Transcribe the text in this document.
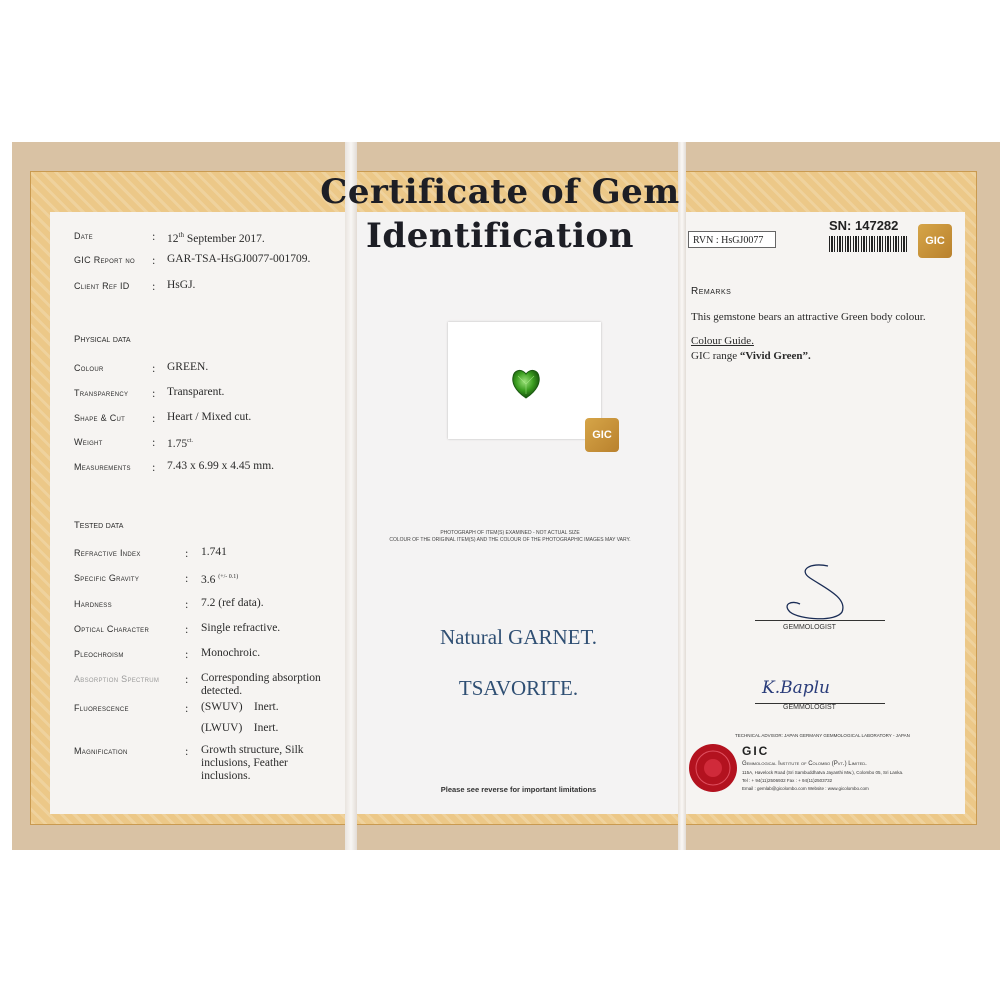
Certificate of Gem Identification
Date	: 12th September 2017.
GIC Report no : GAR-TSA-HsGJ0077-001709.
Client Ref ID : HsGJ.
Physical data
Colour	: GREEN.
Transparency : Transparent.
Shape & Cut : Heart / Mixed cut.
Weight	: $1.75^{ct.}$
Measurements : 7.43 x 6.99 x 4.45 mm.
Tested data
Refractive Index	: 1.741
Specific Gravity	: 3.6 $^{(+/- 0.1)}$
Hardness	: 7.2 (ref data).
Optical Character	: Single refractive.
Pleochroism	: Monochroic.
Absorption Spectrum : Corresponding absorption detected.
Fluorescence	: (SWUV)    Inert.
(LWUV)    Inert.
Magnification	: Growth structure, Silk inclusions, Feather inclusions.
GIC
PHOTOGRAPH OF ITEM(S) EXAMINED - NOT ACTUAL SIZE
COLOUR OF THE ORIGINAL ITEM(S) AND THE COLOUR OF THE PHOTOGRAPHIC IMAGES MAY VARY.
Natural GARNET.
TSAVORITE.
Please see reverse for important limitations
RVN : HsGJ0077
SN: 147282
GIC
Remarks
This gemstone bears an attractive Green body colour.
Colour Guide.
GIC range “Vivid Green”.
GEMMOLOGIST
K.Baplu
GEMMOLOGIST
TECHNICAL ADVISOR: JAPAN GERMANY GEMMOLOGICAL LABORATORY - JAPAN
GIC
Gemmological Institute of Colombo (Pvt.) Limited.
115A, Havelock Road (Sri Sambuddhatva Jayanthi Mw.), Colombo 05, Sri Lanka.
Tel : + 94(11)2506932 Fax : + 94(11)2503732
Email : gemlab@gicolombo.com Website : www.gicolombo.com
